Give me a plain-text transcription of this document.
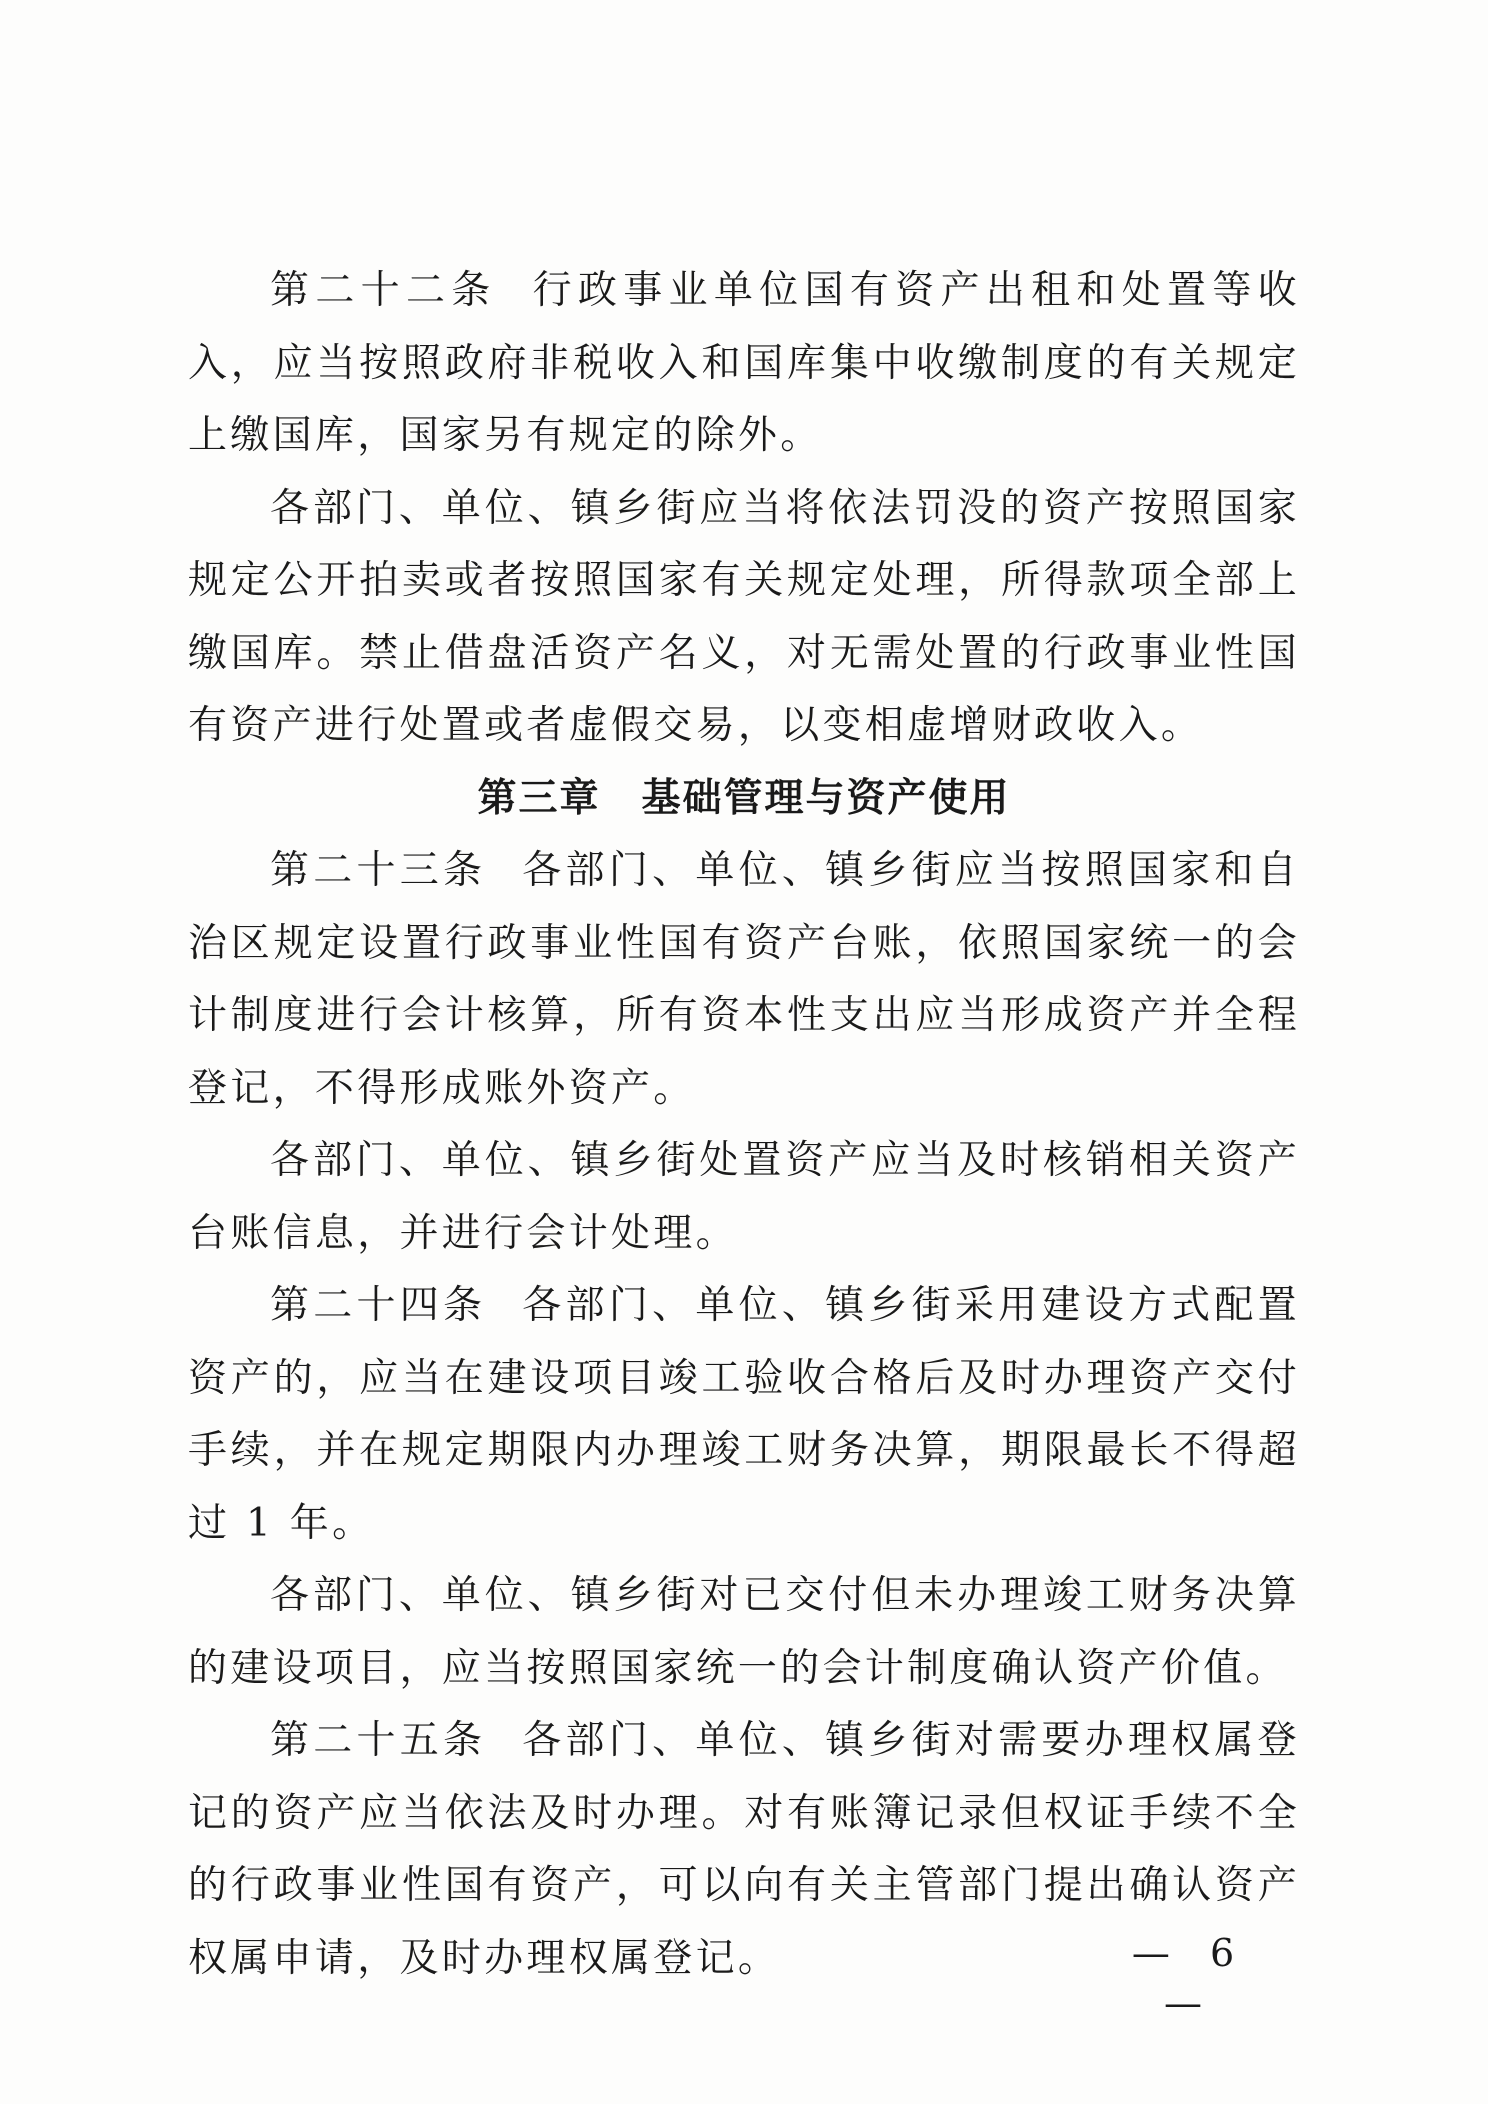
第二十二条 行政事业单位国有资产出租和处置等收入，应当按照政府非税收入和国库集中收缴制度的有关规定上缴国库，国家另有规定的除外。

各部门、单位、镇乡街应当将依法罚没的资产按照国家规定公开拍卖或者按照国家有关规定处理，所得款项全部上缴国库。禁止借盘活资产名义，对无需处置的行政事业性国有资产进行处置或者虚假交易，以变相虚增财政收入。

第三章　基础管理与资产使用

第二十三条 各部门、单位、镇乡街应当按照国家和自治区规定设置行政事业性国有资产台账，依照国家统一的会计制度进行会计核算，所有资本性支出应当形成资产并全程登记，不得形成账外资产。

各部门、单位、镇乡街处置资产应当及时核销相关资产台账信息，并进行会计处理。

第二十四条 各部门、单位、镇乡街采用建设方式配置资产的，应当在建设项目竣工验收合格后及时办理资产交付手续，并在规定期限内办理竣工财务决算，期限最长不得超过 1 年。

各部门、单位、镇乡街对已交付但未办理竣工财务决算的建设项目，应当按照国家统一的会计制度确认资产价值。

第二十五条 各部门、单位、镇乡街对需要办理权属登记的资产应当依法及时办理。对有账簿记录但权证手续不全的行政事业性国有资产，可以向有关主管部门提出确认资产权属申请，及时办理权属登记。	— 6 —
